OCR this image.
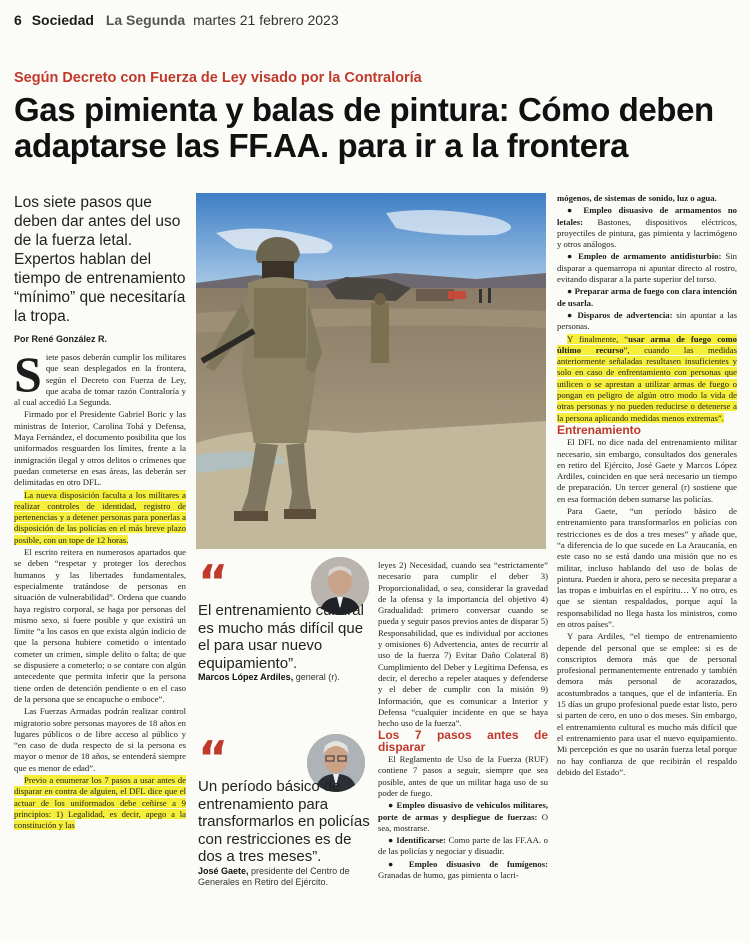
6 Sociedad La Segunda martes 21 febrero 2023
Según Decreto con Fuerza de Ley visado por la Contraloría
Gas pimienta y balas de pintura: Cómo deben adaptarse las FF.AA. para ir a la frontera
Los siete pasos que deben dar antes del uso de la fuerza letal. Expertos hablan del tiempo de entrenamiento “mínimo” que necesitaría la tropa.
Por René González R.

Siete pasos deberán cumplir los militares que sean desplegados en la frontera, según el Decreto con Fuerza de Ley, que acaba de tomar razón Contraloría y al cual accedió La Segunda.

Firmado por el Presidente Gabriel Boric y las ministras de Interior, Carolina Tohá y Defensa, Maya Fernández, el documento posibilita que los uniformados resguarden los límites, frente a la inmigración ilegal y otros delitos o crímenes que puedan cometerse en esas áreas, las deberán ser delimitadas en otro DFL.

La nueva disposición faculta a los militares a realizar controles de identidad, registro de pertenencias y a detener personas para ponerlas a disposición de las policías en el más breve plazo posible, con un tope de 12 horas.

El escrito reitera en numerosos apartados que se deben “respetar y proteger los derechos humanos y las libertades fundamentales, especialmente tratándose de personas en situación de vulnerabilidad”. Ordena que cuando haya registro corporal, se haga por personas del mismo sexo, si fuere posible y que existirá un límite “a los casos en que exista algún indicio de que la persona hubiere cometido o intentado cometer un crimen, simple delito o falta; de que se dispusiere a cometerlo; o se contare con algún antecedente que permita inferir que la persona tiene orden de detención pendiente o en el caso de la persona que se encapuche o emboce”.

Las Fuerzas Armadas podrán realizar control migratorio sobre personas mayores de 18 años en lugares públicos o de libre acceso al público y “en caso de duda respecto de si la persona es mayor o menor de 18 años, se entenderá siempre que es menor de edad”.

Previo a enumerar los 7 pasos a usar antes de disparar en contra de alguien, el DFL dice que el actuar de los uniformados debe ceñirse a 9 principios: 1) Legalidad, es decir, apego a la constitución y las

“
El entrenamiento cultural es mucho más difícil que el para usar nuevo equipamiento”.
Marcos López Ardiles, general (r).
“
Un período básico de entrenamiento para transformarlos en policías con restricciones es de dos a tres meses”.
José Gaete, presidente del Centro de Generales en Retiro del Ejército.

leyes 2) Necesidad, cuando sea “estrictamente” necesario para cumplir el deber 3) Proporcionalidad, o sea, considerar la gravedad de la ofensa y la importancia del objetivo 4) Gradualidad: primero conversar cuando se pueda y seguir pasos previos antes de disparar 5) Responsabilidad, que es individual por acciones y omisiones 6) Advertencia, antes de recurrir al uso de la fuerza 7) Evitar Daño Colateral 8) Cumplimiento del Deber y Legítima Defensa, es decir, el derecho a repeler ataques y defenderse y el deber de cumplir con la misión 9) Información, que es comunicar a Interior y Defensa “cualquier incidente en que se haya hecho uso de la fuerza”.

Los 7 pasos antes de disparar

El Reglamento de Uso de la Fuerza (RUF) contiene 7 pasos a seguir, siempre que sea posible, antes de que un militar haga uso de su poder de fuego.

● Empleo disuasivo de vehículos militares, porte de armas y despliegue de fuerzas: O sea, mostrarse.

● Identificarse: Como parte de las FF.AA. o de las policías y negociar y disuadir.

● Empleo disuasivo de fumígenos: Granadas de humo, gas pimienta o lacri-

mógenos, de sistemas de sonido, luz o agua.

● Empleo disuasivo de armamentos no letales: Bastones, dispositivos eléctricos, proyectiles de pintura, gas pimienta y lacrimógeno y otros análogos.

● Empleo de armamento antidisturbio: Sin disparar a quemarropa ni apuntar directo al rostro, evitando disparar a la parte superior del torso.

● Preparar arma de fuego con clara intención de usarla.

● Disparos de advertencia: sin apuntar a las personas.

Y finalmente, “usar arma de fuego como último recurso”, cuando las medidas anteriormente señaladas resultasen insuficientes y solo en caso de enfrentamiento con personas que utilicen o se aprestan a utilizar armas de fuego o pongan en peligro de algún otro modo la vida de otras personas y no pueden reducirse o detenerse a la persona aplicando medidas menos extremas”.

Entrenamiento

El DFL no dice nada del entrenamiento militar necesario, sin embargo, consultados dos generales en retiro del Ejército, José Gaete y Marcos López Ardiles, coinciden en que será necesario un tiempo de preparación. Un tercer general (r) sostiene que en esa formación deben sumarse las policías.

Para Gaete, “un período básico de entrenamiento para transformarlos en policías con restricciones es de dos a tres meses” y añade que, “a diferencia de lo que sucede en La Araucanía, en este caso no se está dando una misión que no es militar, incluso hablando del uso de bolas de pintura. Pueden ir ahora, pero se necesita preparar a las tropas e imbuirlas en el espíritu… Y no otro, es que se sientan respaldados, porque aquí la responsabilidad no llega hasta los ministros, como en otros países”.

Y para Ardiles, “el tiempo de entrenamiento depende del personal que se emplee: si es de conscriptos demora más que de personal profesional permanentemente entrenado y también demora más personal de acorazados, acostumbrados a tanques, que el de infantería. En 15 días un grupo profesional puede estar listo, pero si parten de cero, en uno o dos meses. Sin embargo, el entrenamiento cultural es mucho más difícil que el entrenamiento para usar el nuevo equipamiento. Mi percepción es que no usarán fuerza letal porque no hay confianza de que recibirán el respaldo debido del Estado”.
